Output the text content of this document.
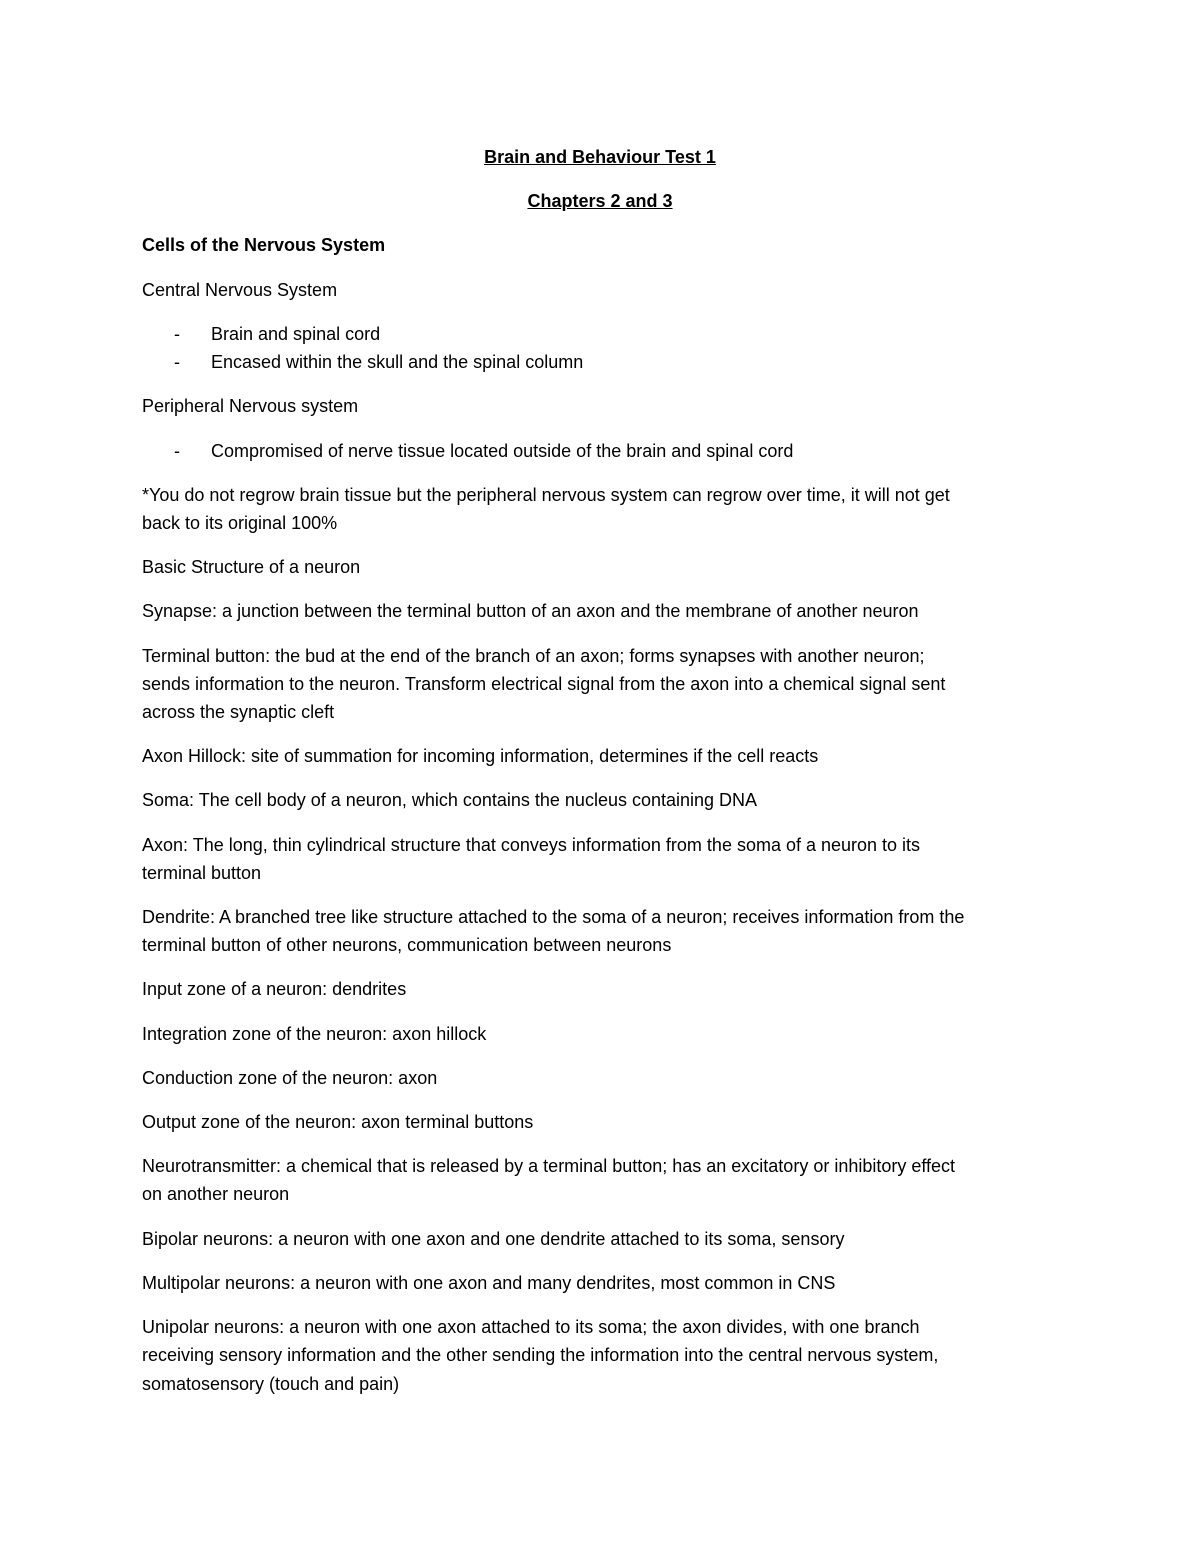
Brain and Behaviour Test 1
Chapters 2 and 3
Cells of the Nervous System
Central Nervous System
- Brain and spinal cord
- Encased within the skull and the spinal column
Peripheral Nervous system
- Compromised of nerve tissue located outside of the brain and spinal cord
*You do not regrow brain tissue but the peripheral nervous system can regrow over time, it will not get
back to its original 100%
Basic Structure of a neuron
Synapse: a junction between the terminal button of an axon and the membrane of another neuron
Terminal button: the bud at the end of the branch of an axon; forms synapses with another neuron;
sends information to the neuron. Transform electrical signal from the axon into a chemical signal sent
across the synaptic cleft
Axon Hillock: site of summation for incoming information, determines if the cell reacts
Soma: The cell body of a neuron, which contains the nucleus containing DNA
Axon: The long, thin cylindrical structure that conveys information from the soma of a neuron to its
terminal button
Dendrite: A branched tree like structure attached to the soma of a neuron; receives information from the
terminal button of other neurons, communication between neurons
Input zone of a neuron: dendrites
Integration zone of the neuron: axon hillock
Conduction zone of the neuron: axon
Output zone of the neuron: axon terminal buttons
Neurotransmitter: a chemical that is released by a terminal button; has an excitatory or inhibitory effect
on another neuron
Bipolar neurons: a neuron with one axon and one dendrite attached to its soma, sensory
Multipolar neurons: a neuron with one axon and many dendrites, most common in CNS
Unipolar neurons: a neuron with one axon attached to its soma; the axon divides, with one branch
receiving sensory information and the other sending the information into the central nervous system,
somatosensory (touch and pain)
